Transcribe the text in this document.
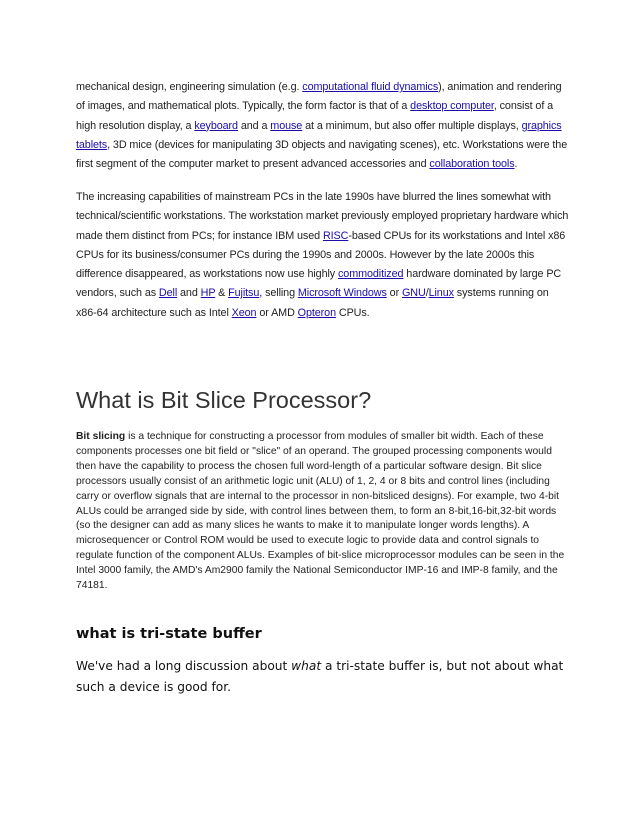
mechanical design, engineering simulation (e.g. computational fluid dynamics), animation and rendering of images, and mathematical plots. Typically, the form factor is that of a desktop computer, consist of a high resolution display, a keyboard and a mouse at a minimum, but also offer multiple displays, graphics tablets, 3D mice (devices for manipulating 3D objects and navigating scenes), etc. Workstations were the first segment of the computer market to present advanced accessories and collaboration tools.

The increasing capabilities of mainstream PCs in the late 1990s have blurred the lines somewhat with technical/scientific workstations. The workstation market previously employed proprietary hardware which made them distinct from PCs; for instance IBM used RISC-based CPUs for its workstations and Intel x86 CPUs for its business/consumer PCs during the 1990s and 2000s. However by the late 2000s this difference disappeared, as workstations now use highly commoditized hardware dominated by large PC vendors, such as Dell and HP & Fujitsu, selling Microsoft Windows or GNU/Linux systems running on x86-64 architecture such as Intel Xeon or AMD Opteron CPUs.

What is Bit Slice Processor?

Bit slicing is a technique for constructing a processor from modules of smaller bit width. Each of these components processes one bit field or "slice" of an operand. The grouped processing components would then have the capability to process the chosen full word-length of a particular software design. Bit slice processors usually consist of an arithmetic logic unit (ALU) of 1, 2, 4 or 8 bits and control lines (including carry or overflow signals that are internal to the processor in non-bitsliced designs). For example, two 4-bit ALUs could be arranged side by side, with control lines between them, to form an 8-bit,16-bit,32-bit words (so the designer can add as many slices he wants to make it to manipulate longer words lengths). A microsequencer or Control ROM would be used to execute logic to provide data and control signals to regulate function of the component ALUs. Examples of bit-slice microprocessor modules can be seen in the Intel 3000 family, the AMD's Am2900 family the National Semiconductor IMP-16 and IMP-8 family, and the 74181.

what is tri-state buffer

We've had a long discussion about what a tri-state buffer is, but not about what such a device is good for.
